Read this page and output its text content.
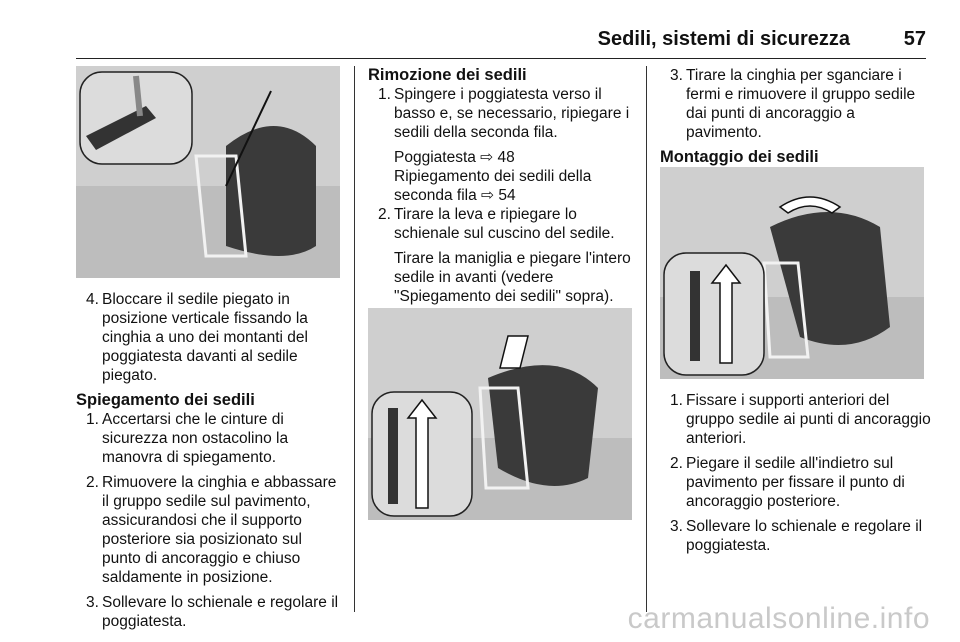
Sedili, sistemi di sicurezza	57
4. Bloccare il sedile piegato in posizione verticale fissando la cinghia a uno dei montanti del poggiatesta davanti al sedile piegato.

Spiegamento dei sedili

1. Accertarsi che le cinture di sicurezza non ostacolino la manovra di spiegamento.
2. Rimuovere la cinghia e abbassare il gruppo sedile sul pavimento, assicurandosi che il supporto posteriore sia posizionato sul punto di ancoraggio e chiuso saldamente in posizione.
3. Sollevare lo schienale e regolare il poggiatesta.

Rimozione dei sedili

1. Spingere i poggiatesta verso il basso e, se necessario, ripiegare i sedili della seconda fila.

Poggiatesta ⇨ 48

Ripiegamento dei sedili della seconda fila ⇨ 54

2. Tirare la leva e ripiegare lo schienale sul cuscino del sedile.

Tirare la maniglia e piegare l'intero sedile in avanti (vedere "Spiegamento dei sedili" sopra).

3. Tirare la cinghia per sganciare i fermi e rimuovere il gruppo sedile dai punti di ancoraggio a pavimento.

Montaggio dei sedili

1. Fissare i supporti anteriori del gruppo sedile ai punti di ancoraggio anteriori.
2. Piegare il sedile all'indietro sul pavimento per fissare il punto di ancoraggio posteriore.
3. Sollevare lo schienale e regolare il poggiatesta.
carmanualsonline.info
